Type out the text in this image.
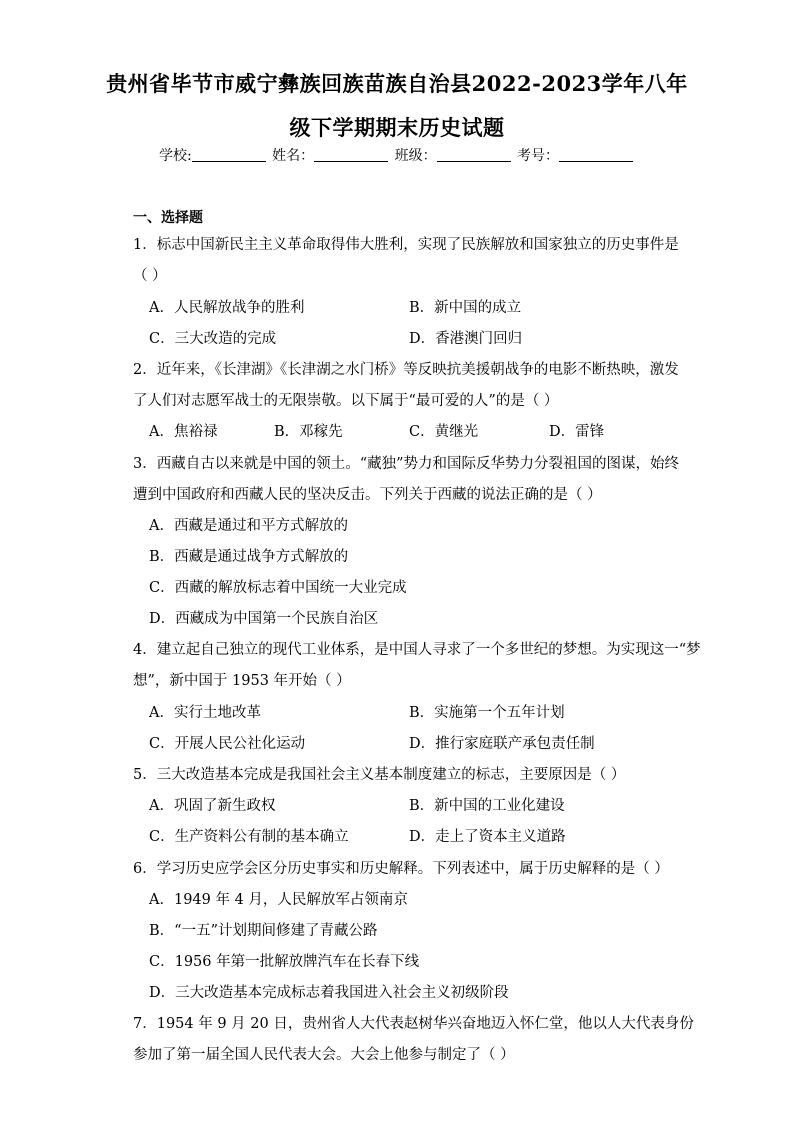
贵州省毕节市威宁彝族回族苗族自治县2022-2023学年八年
级下学期期末历史试题
学校:	姓名：	班级：	考号：
一、选择题
1．标志中国新民主主义革命取得伟大胜利，实现了民族解放和国家独立的历史事件是
（ ）
A．人民解放战争的胜利	B．新中国的成立
C．三大改造的完成	D．香港澳门回归
2．近年来，《长津湖》《长津湖之水门桥》等反映抗美援朝战争的电影不断热映，激发
了人们对志愿军战士的无限崇敬。以下属于“最可爱的人”的是（ ）
A．焦裕禄	B．邓稼先	C．黄继光	D．雷锋
3．西藏自古以来就是中国的领土。“藏独”势力和国际反华势力分裂祖国的图谋，始终
遭到中国政府和西藏人民的坚决反击。下列关于西藏的说法正确的是（ ）
A．西藏是通过和平方式解放的
B．西藏是通过战争方式解放的
C．西藏的解放标志着中国统一大业完成
D．西藏成为中国第一个民族自治区
4．建立起自己独立的现代工业体系，是中国人寻求了一个多世纪的梦想。为实现这一“梦
想”，新中国于 1953 年开始（ ）
A．实行土地改革	B．实施第一个五年计划
C．开展人民公社化运动	D．推行家庭联产承包责任制
5．三大改造基本完成是我国社会主义基本制度建立的标志，主要原因是（ ）
A．巩固了新生政权	B．新中国的工业化建设
C．生产资料公有制的基本确立	D．走上了资本主义道路
6．学习历史应学会区分历史事实和历史解释。下列表述中，属于历史解释的是（ ）
A．1949 年 4 月，人民解放军占领南京
B．“一五”计划期间修建了青藏公路
C．1956 年第一批解放牌汽车在长春下线
D．三大改造基本完成标志着我国进入社会主义初级阶段
7．1954 年 9 月 20 日，贵州省人大代表赵树华兴奋地迈入怀仁堂，他以人大代表身份
参加了第一届全国人民代表大会。大会上他参与制定了（ ）
